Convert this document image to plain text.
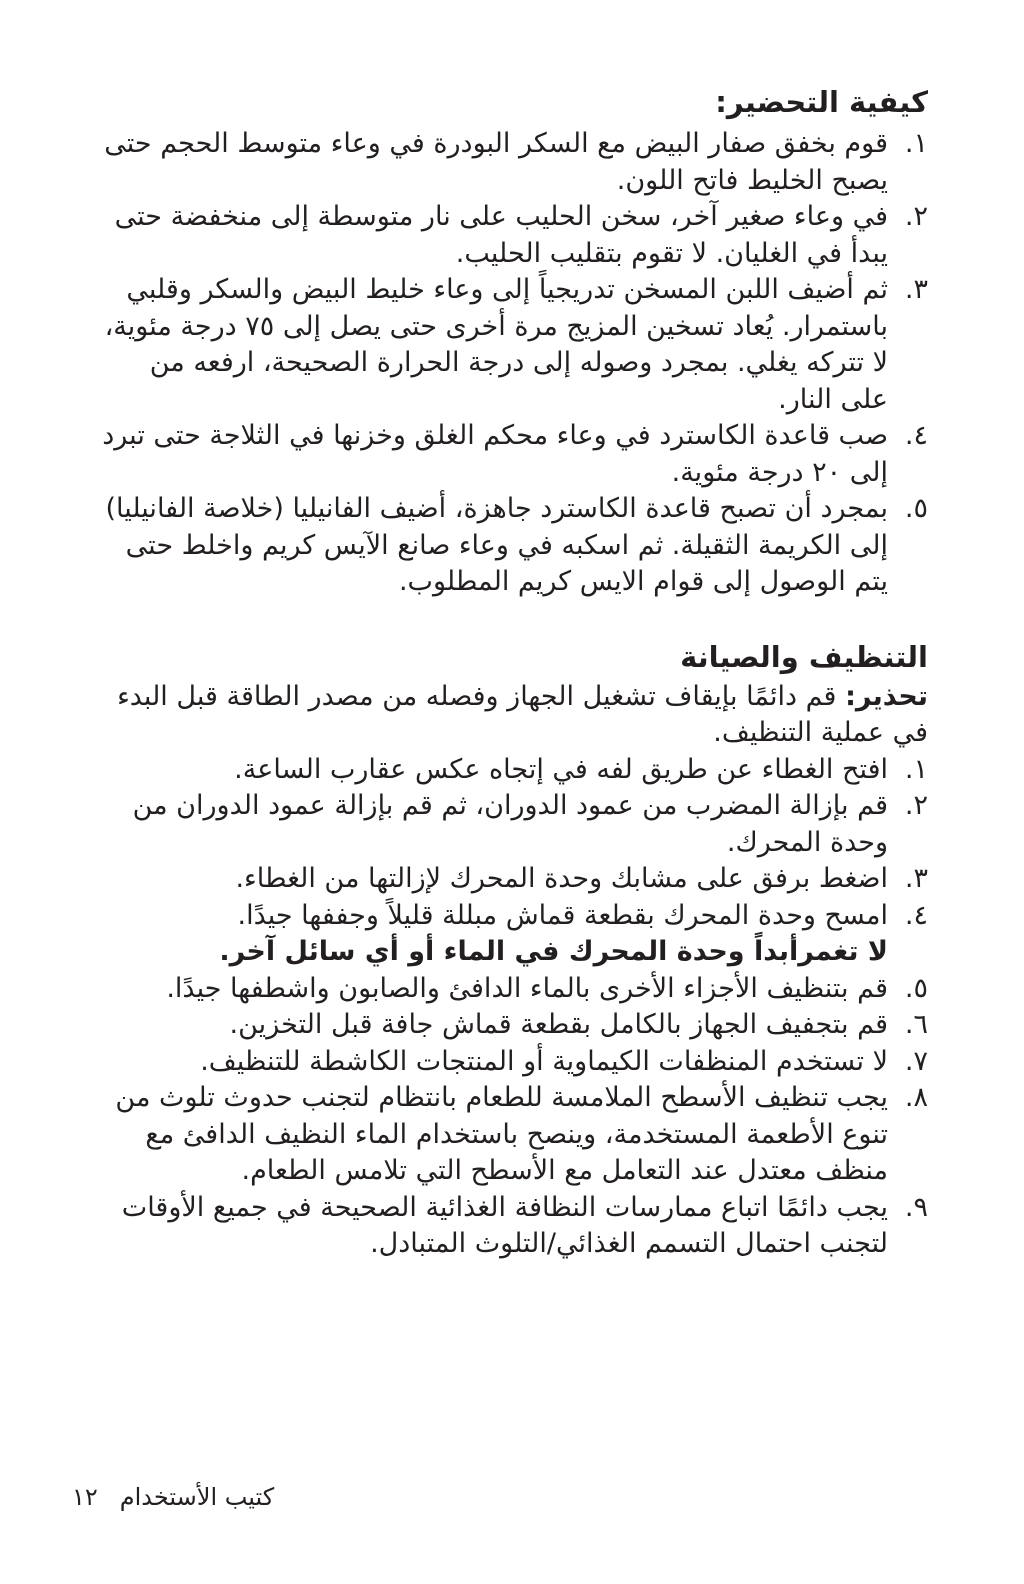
كيفية التحضير:
١.
قوم بخفق صفار البيض مع السكر البودرة في وعاء متوسط الحجم حتى يصبح الخليط فاتح اللون.
٢.
في وعاء صغير آخر، سخن الحليب على نار متوسطة إلى منخفضة حتى يبدأ في الغليان. لا تقوم بتقليب الحليب.
٣.
ثم أضيف اللبن المسخن تدريجياً إلى وعاء خليط البيض والسكر وقلبي باستمرار. يُعاد تسخين المزيج مرة أخرى حتى يصل إلى ٧٥ درجة مئوية، لا تتركه يغلي. بمجرد وصوله إلى درجة الحرارة الصحيحة، ارفعه من على النار.
٤.
صب قاعدة الكاسترد في وعاء محكم الغلق وخزنها في الثلاجة حتى تبرد إلى ٢٠ درجة مئوية.
٥.
بمجرد أن تصبح قاعدة الكاسترد جاهزة، أضيف الفانيليا (خلاصة الفانيليا) إلى الكريمة الثقيلة. ثم اسكبه في وعاء صانع الآيس كريم واخلط حتى يتم الوصول إلى قوام الايس كريم المطلوب.
التنظيف والصيانة

تحذير: قم دائمًا بإيقاف تشغيل الجهاز وفصله من مصدر الطاقة قبل البدء في عملية التنظيف.

١.
افتح الغطاء عن طريق لفه في إتجاه عكس عقارب الساعة.
٢.
قم بإزالة المضرب من عمود الدوران، ثم قم بإزالة عمود الدوران من وحدة المحرك.
٣.
اضغط برفق على مشابك وحدة المحرك لإزالتها من الغطاء.
٤.
امسح وحدة المحرك بقطعة قماش مبللة قليلاً وجففها جيدًا.
لا تغمرأبداً وحدة المحرك في الماء أو أي سائل آخر.
٥.
قم بتنظيف الأجزاء الأخرى بالماء الدافئ والصابون واشطفها جيدًا.
٦.
قم بتجفيف الجهاز بالكامل بقطعة قماش جافة قبل التخزين.
٧.
لا تستخدم المنظفات الكيماوية أو المنتجات الكاشطة للتنظيف.
٨.
يجب تنظيف الأسطح الملامسة للطعام بانتظام لتجنب حدوث تلوث من تنوع الأطعمة المستخدمة، وينصح باستخدام الماء النظيف الدافئ مع منظف معتدل عند التعامل مع الأسطح التي تلامس الطعام.
٩.
يجب دائمًا اتباع ممارسات النظافة الغذائية الصحيحة في جميع الأوقات لتجنب احتمال التسمم الغذائي/التلوث المتبادل.
كتيب الأستخدام١٢
